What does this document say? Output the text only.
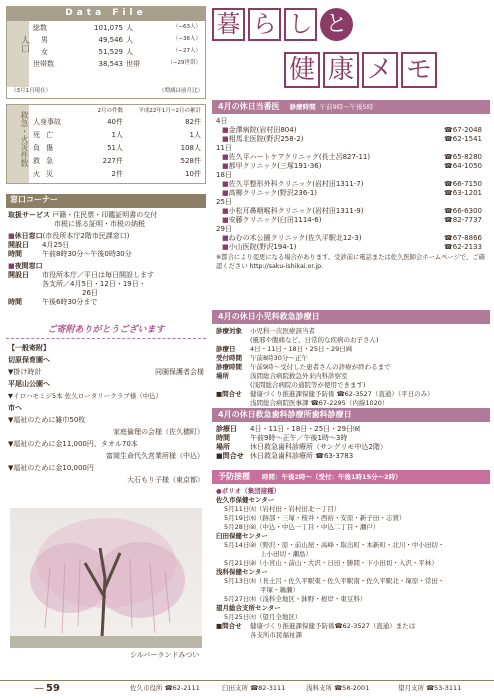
Data File
人口
総数	101,075 人	（−63人）
男	49,546 人	（−36人）
女	51,529 人	（−27人）
世帯数	38,543 世帯	（−29世帯）
（3月1日現在）	（増減は前月比）
救急・火災件数	2月の件数	平成22年1月~2月の累計
人身事故	40件	82件
死亡	1人	1人
負傷	51人	108人
救急	227件	528件
火災	2件	10件
窓口コーナー
取扱サービス 戸籍・住民票・印鑑証明書の交付
市税に係る証明・市税の納税
■休日窓口(市役所本庁2階市民課窓口)
開設日 4月25日
時間	午前8時30分〜午後0時30分
■夜間窓口
開設日 市役所本庁／平日は毎日開設します
各支所／4月5日・12日・19日・
26日
時間	午後6時30分まで
ご寄附ありがとうございます
【一般寄附】
切原保育園へ
▼掛け時計	同園保護者会様
平尾山公園へ
▼イロハモミジ5本 佐久ロータリークラブ様（中込）
市へ
▼福祉のために雑巾50枚
家庭倫理の会様（佐久穂町）
▼福祉のために金11,000円、タオル70本
富岡生命代久営業所様（中込）
▼福祉のために金10,000円
大石もり子様（東京都）
シルバーランドみつい
暮 ら し と
健 康 メ モ
4月の休日当番医 診療時間 午前9時〜午後5時
4日
■金澤病院(岩村田804)	☎67-2048
■相馬北医院(野沢258-2)	☎62-1541
11日
■佐久平ハートケアクリニック(長土呂827-11)	☎65-8280
■都甲クリニック(三塚191-36)	☎64-1050
18日
■佐久平整形外科クリニック(岩村田1311-7)	☎66-7150
■高柳クリニック(野沢236-1)	☎63-1201
25日
■小松耳鼻咽喉科クリニック(岩村田1311-9)	☎66-6300
■安藤クリニック(臼田1114-6)	☎82-7737
29日
■ねむの木公園クリニック(佐久平駅北12-3)	☎67-8866
■小山医院(野沢194-1)	☎62-2133
※都合により変更になる場合があります。受診前に電話または佐久医師会ホームページで、ご確認ください http://saku-ishikai.or.jp.
4月の休日小児科救急診療日
診療対象 小児科一次医療該当者
(風邪や腹痛など、日常的な疾病のお子さん)
診療日 4日・11日・18日・25日・29日㈷
受付時間 午前8時30分〜正午
診療時間 午前9時〜受付した患者さんの診療が終わるまで
場所	浅間総合病院救急外来内科診察室
(浅間総合病院の通院等が使用できます)
■問合せ 健康づくり推進課保健予防係 ☎62-3527（直通）（平日のみ）
浅間総合病院医事課 ☎67-2295（内線1020）
4月の休日救急歯科診療所歯科診療日
診療日 4日・11日・18日・25日・29日㈷
時間	午前9時〜正午／午後1時〜3時
場所	休日救急歯科診療所（サングリモ中込2階）
■問合せ 休日救急歯科診療所 ☎63-3783
予防接種 時間：午後2時〜（受付：午後1時15分〜2時）
●ポリオ（集団接種）
佐久市保健センター
5月11日㈫（岩村田・岩村田北一丁目）
5月19日㈬（跡部・三塚・桜井・西裕・安原・新子田・志賀）
5月28日㈮（中込・中込一丁目・中込二丁目・瀬戸）
臼田保健センター
5月14日㈮（野沢・原・前山屋・高峰・取出町・本新町・北川・中小田切・
上小田切・瀬島）
5月21日㈮（小宮山・前山・大沢・日田・勝間・下小田切・入沢・平林）
浅科保健センター
5月13日㈭（長土呂・佐久平駅東・佐久平駅南・佐久平駅北・塚原・常田・
平塚・鵜瀬）
5月27日㈭（浅科全地区・鉢野・根岸・東豆科）
望月総合支所センター
5月25日㈫（望月全地区）
■問合せ 健康づくり推進課保健予防係☎62-3527（直通）または
各支所市民福祉課
59
—	佐久市役所 ☎62-2111	臼田支所 ☎82-3111	浅科支所 ☎58-2001	望月支所 ☎53-3111
